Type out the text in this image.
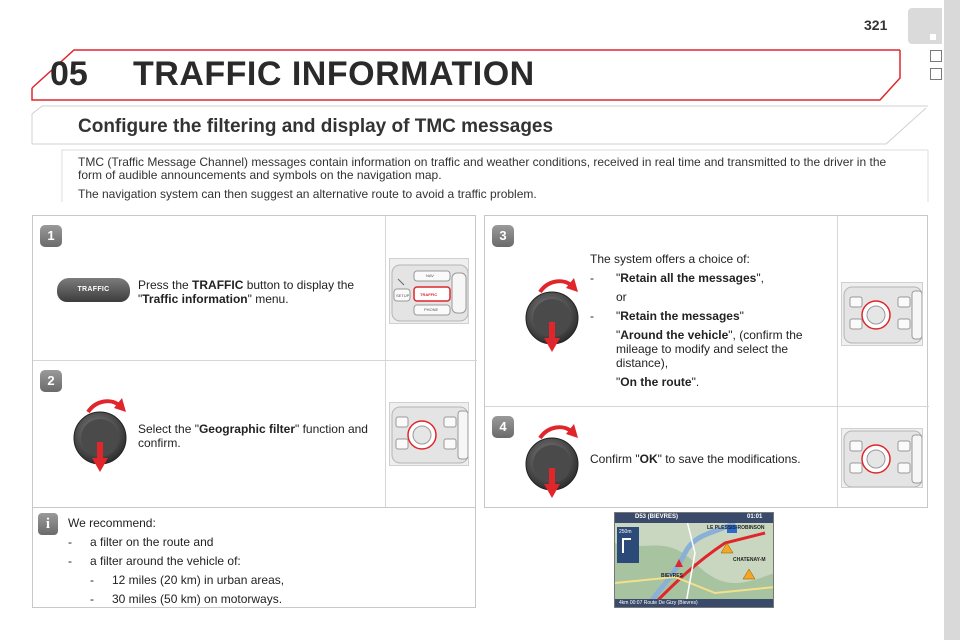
321
05 TRAFFIC INFORMATION
Configure the filtering and display of TMC messages

TMC (Traffic Message Channel) messages contain information on traffic and weather conditions, received in real time and transmitted to the driver in the form of audible announcements and symbols on the navigation map.

The navigation system can then suggest an alternative route to avoid a traffic problem.

1
TRAFFIC	Press the TRAFFIC button to display the "Traffic information" menu.
NAV
TRAFFIC
SETUP
PHONE
2
Select the "Geographic filter" function and confirm.
i	We recommend:
- a filter on the route and
- a filter around the vehicle of:
- 12 miles (20 km) in urban areas,
- 30 miles (50 km) on motorways.
3
The system offers a choice of:
- "Retain all the messages",
or
- "Retain the messages"
"Around the vehicle", (confirm the mileage to modify and select the distance),
"On the route".
4
Confirm "OK" to save the modifications.
D53 (BIEVRES)	01:01
LE PLESSIS-ROBINSON
CHATENAY-M
BIEVRES
250m
4km 00:07 Route De Gizy (Bievres)
